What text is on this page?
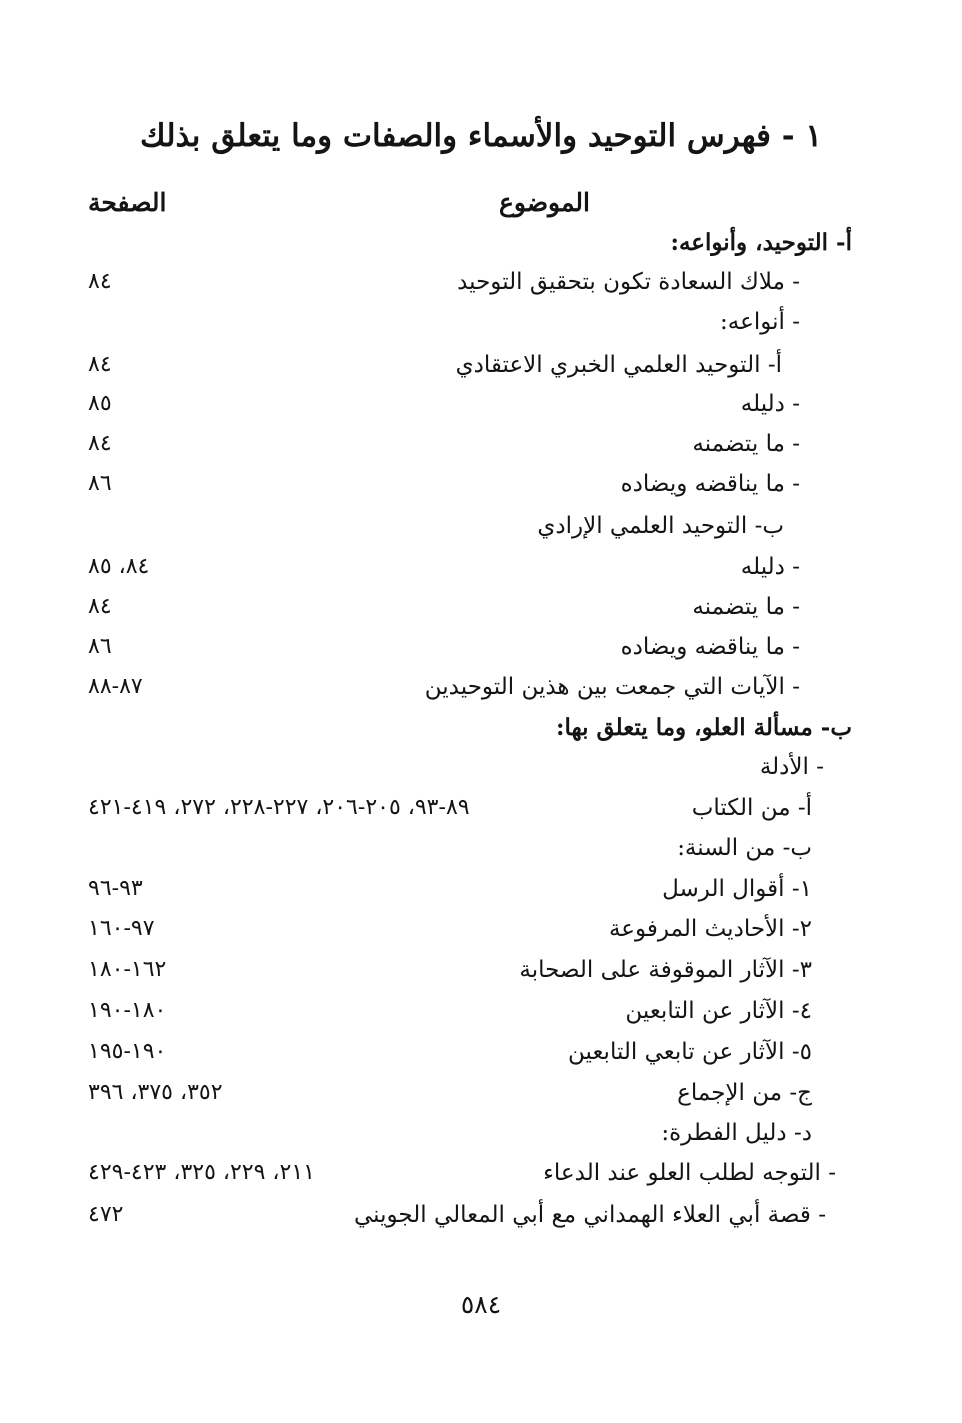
١ - فهرس التوحيد والأسماء والصفات وما يتعلق بذلك
الموضوع
الصفحة
أ- التوحيد، وأنواعه:
- ملاك السعادة تكون بتحقيق التوحيد
٨٤
- أنواعه:
أ- التوحيد العلمي الخبري الاعتقادي
٨٤
- دليله
٨٥
- ما يتضمنه
٨٤
- ما يناقضه ويضاده
٨٦
ب- التوحيد العلمي الإرادي
- دليله
٨٤، ٨٥
- ما يتضمنه
٨٤
- ما يناقضه ويضاده
٨٦
- الآيات التي جمعت بين هذين التوحيدين
٨٧-٨٨
ب- مسألة العلو، وما يتعلق بها:
- الأدلة
أ- من الكتاب
٨٩-٩٣، ٢٠٥-٢٠٦، ٢٢٧-٢٢٨، ٢٧٢، ٤١٩-٤٢١
ب- من السنة:
١- أقوال الرسل
٩٣-٩٦
٢- الأحاديث المرفوعة
٩٧-١٦٠
٣- الآثار الموقوفة على الصحابة
١٦٢-١٨٠
٤- الآثار عن التابعين
١٨٠-١٩٠
٥- الآثار عن تابعي التابعين
١٩٠-١٩٥
ج- من الإجماع
٣٥٢، ٣٧٥، ٣٩٦
د- دليل الفطرة:
- التوجه لطلب العلو عند الدعاء
٢١١، ٢٢٩، ٣٢٥، ٤٢٣-٤٢٩
- قصة أبي العلاء الهمداني مع أبي المعالي الجويني
٤٧٢
٥٨٤
